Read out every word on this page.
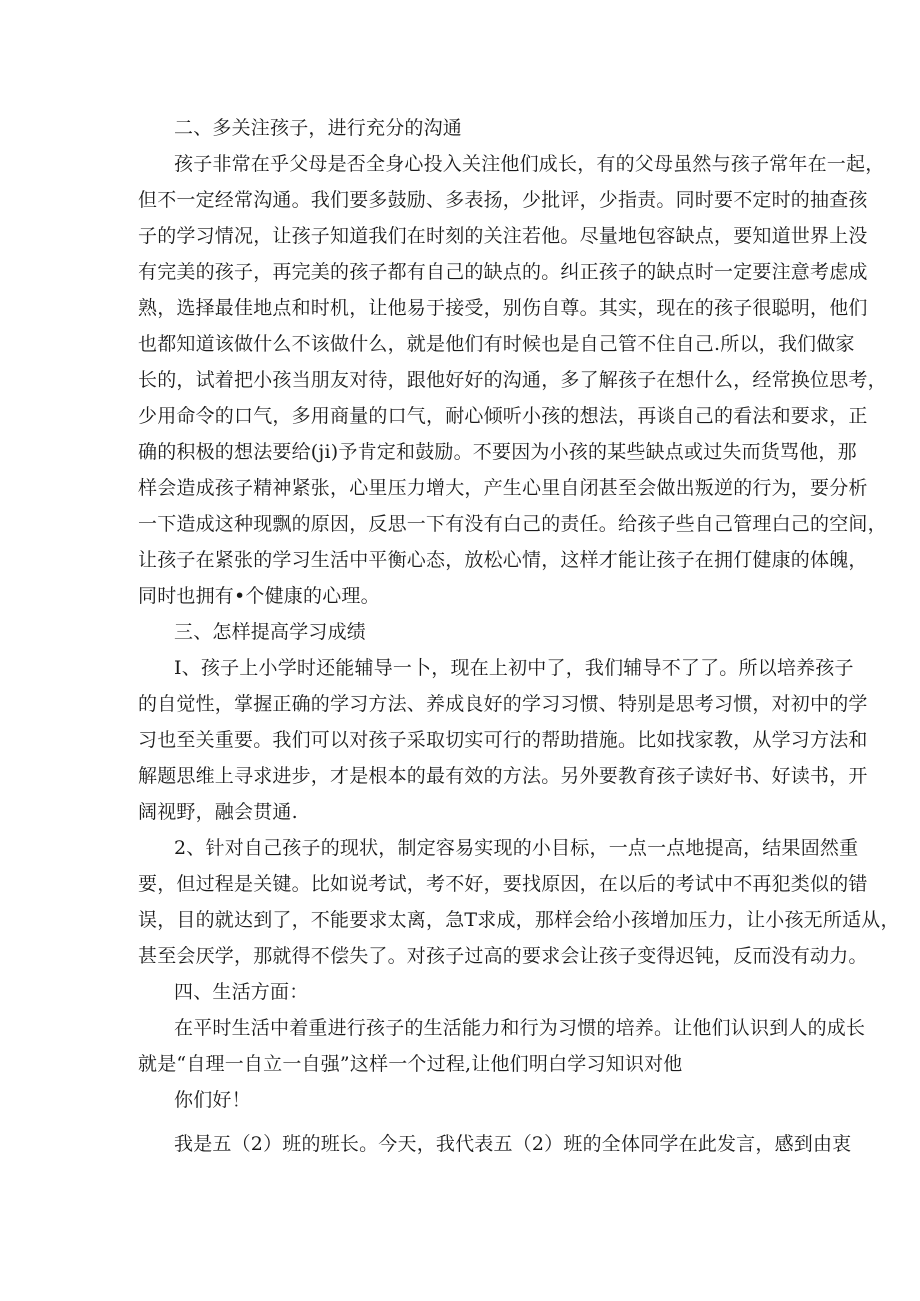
二、多关注孩子，进行充分的沟通
孩子非常在乎父母是否全身心投入关注他们成长，有的父母虽然与孩子常年在一起，
但不一定经常沟通。我们要多鼓励、多表扬，少批评，少指责。同时要不定时的抽查孩
子的学习情况，让孩子知道我们在时刻的关注若他。尽量地包容缺点，要知道世界上没
有完美的孩子，再完美的孩子都有自己的缺点的。纠正孩子的缺点时一定要注意考虑成
熟，选择最佳地点和时机，让他易于接受，别伤自尊。其实，现在的孩子很聪明，他们
也都知道该做什么不该做什么，就是他们有时候也是自己管不住自己.所以，我们做家
长的，试着把小孩当朋友对待，跟他好好的沟通，多了解孩子在想什么，经常换位思考，
少用命令的口气，多用商量的口气，耐心倾听小孩的想法，再谈自己的看法和要求，正
确的积极的想法要给(ji)予肯定和鼓励。不要因为小孩的某些缺点或过失而货骂他，那
样会造成孩子精神紧张，心里压力增大，产生心里自闭甚至会做出叛逆的行为，要分析
一下造成这种现飘的原因，反思一下有没有白己的责任。给孩子些自己管理白己的空间，
让孩子在紧张的学习生活中平衡心态，放松心情，这样才能让孩子在拥仃健康的体魄，
同时也拥有•个健康的心理。
三、怎样提高学习成绩
I、孩子上小学时还能辅导一卜，现在上初中了，我们辅导不了了。所以培养孩子
的自觉性，掌握正确的学习方法、养成良好的学习习惯、特别是思考习惯，对初中的学
习也至关重要。我们可以对孩子采取切实可行的帮助措施。比如找家教，从学习方法和
解题思维上寻求进步，才是根本的最有效的方法。另外要教育孩子读好书、好读书，开
阔视野，融会贯通.
2、针对自己孩子的现状，制定容易实现的小目标，一点一点地提高，结果固然重
要，但过程是关键。比如说考试，考不好，要找原因，在以后的考试中不再犯类似的错
误，目的就达到了，不能要求太离，急T求成，那样会给小孩增加压力，让小孩无所适从，
甚至会厌学，那就得不偿失了。对孩子过高的要求会让孩子变得迟钝，反而没有动力。
四、生活方面：
在平时生活中着重进行孩子的生活能力和行为习惯的培养。让他们认识到人的成长
就是“自理一自立一自强”这样一个过程,让他们明白学习知识对他
你们好！
我是五（2）班的班长。今天，我代表五（2）班的全体同学在此发言，感到由衷
